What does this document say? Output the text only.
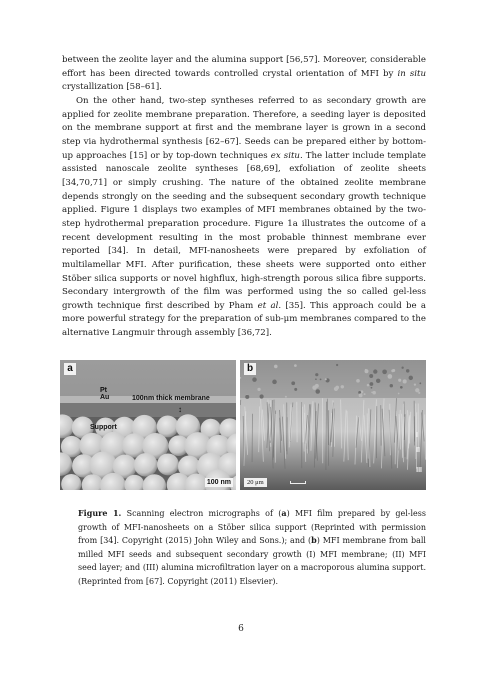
between the zeolite layer and the alumina support [56,57]. Moreover, considerable effort has been directed towards controlled crystal orientation of MFI by in situ crystallization [58–61].

On the other hand, two-step syntheses referred to as secondary growth are applied for zeolite membrane preparation. Therefore, a seeding layer is deposited on the membrane support at first and the membrane layer is grown in a second step via hydrothermal synthesis [62–67]. Seeds can be prepared either by bottom-up approaches [15] or by top-down techniques ex situ. The latter include template assisted nanoscale zeolite syntheses [68,69], exfoliation of zeolite sheets [34,70,71] or simply crushing. The nature of the obtained zeolite membrane depends strongly on the seeding and the subsequent secondary growth technique applied. Figure 1 displays two examples of MFI membranes obtained by the two-step hydrothermal preparation procedure. Figure 1a illustrates the outcome of a recent development resulting in the most probable thinnest membrane ever reported [34]. In detail, MFI-nanosheets were prepared by exfoliation of multilamellar MFI. After purification, these sheets were supported onto either Stöber silica supports or novel highflux, high-strength porous silica fibre supports. Secondary intergrowth of the film was performed using the so called gel-less growth technique first described by Pham et al. [35]. This approach could be a more powerful strategy for the preparation of sub-μm membranes compared to the alternative Langmuir through assembly [36,72].

a
Pt
Au	100nm thick membrane
↕
Support
100 nm
b
I
II
III
20 μm
Figure 1. Scanning electron micrographs of (a) MFI film prepared by gel-less growth of MFI-nanosheets on a Stöber silica support (Reprinted with permission from [34]. Copyright (2015) John Wiley and Sons.); and (b) MFI membrane from ball milled MFI seeds and subsequent secondary growth (I) MFI membrane; (II) MFI seed layer; and (III) alumina microfiltration layer on a macroporous alumina support. (Reprinted from [67]. Copyright (2011) Elsevier).
6
